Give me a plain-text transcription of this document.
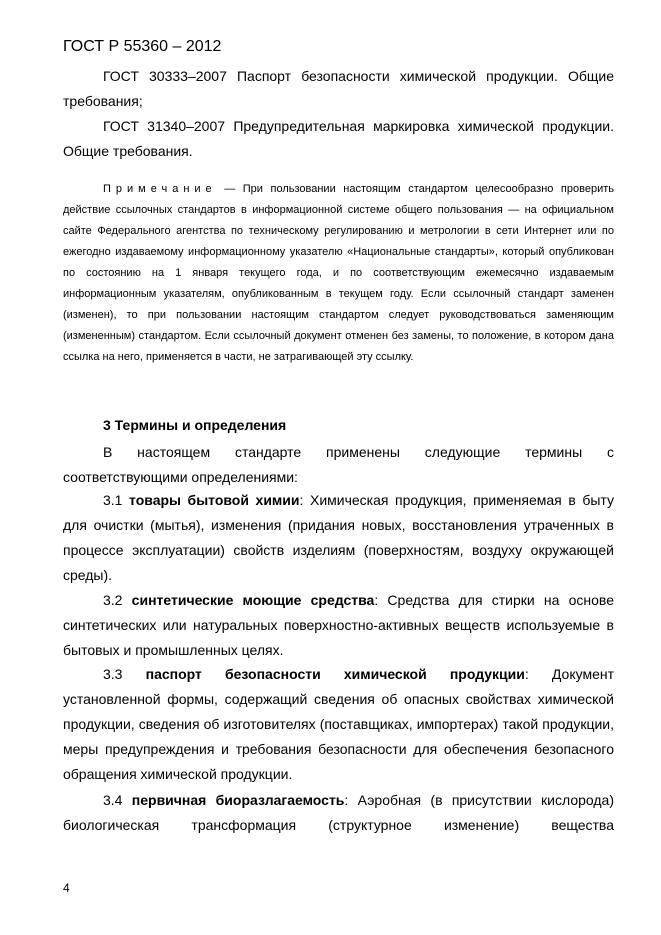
ГОСТ Р 55360 – 2012

ГОСТ 30333–2007 Паспорт безопасности химической продукции. Общие требования;

ГОСТ 31340–2007 Предупредительная маркировка химической продукции. Общие требования.

Примечание — При пользовании настоящим стандартом целесообразно проверить действие ссылочных стандартов в информационной системе общего пользования — на официальном сайте Федерального агентства по техническому регулированию и метрологии в сети Интернет или по ежегодно издаваемому информационному указателю «Национальные стандарты», который опубликован по состоянию на 1 января текущего года, и по соответствующим ежемесячно издаваемым информационным указателям, опубликованным в текущем году. Если ссылочный стандарт заменен (изменен), то при пользовании настоящим стандартом следует руководствоваться заменяющим (измененным) стандартом. Если ссылочный документ отменен без замены, то положение, в котором дана ссылка на него, применяется в части, не затрагивающей эту ссылку.

3 Термины и определения

В настоящем стандарте применены следующие термины с соответствующими определениями:

3.1 товары бытовой химии: Химическая продукция, применяемая в быту для очистки (мытья), изменения (придания новых, восстановления утраченных в процессе эксплуатации) свойств изделиям (поверхностям, воздуху окружающей среды).

3.2 синтетические моющие средства: Средства для стирки на основе синтетических или натуральных поверхностно-активных веществ используемые в бытовых и промышленных целях.

3.3 паспорт безопасности химической продукции: Документ установленной формы, содержащий сведения об опасных свойствах химической продукции, сведения об изготовителях (поставщиках, импортерах) такой продукции, меры предупреждения и требования безопасности для обеспечения безопасного обращения химической продукции.

3.4 первичная биоразлагаемость: Аэробная (в присутствии кислорода) биологическая трансформация (структурное изменение) вещества

4
